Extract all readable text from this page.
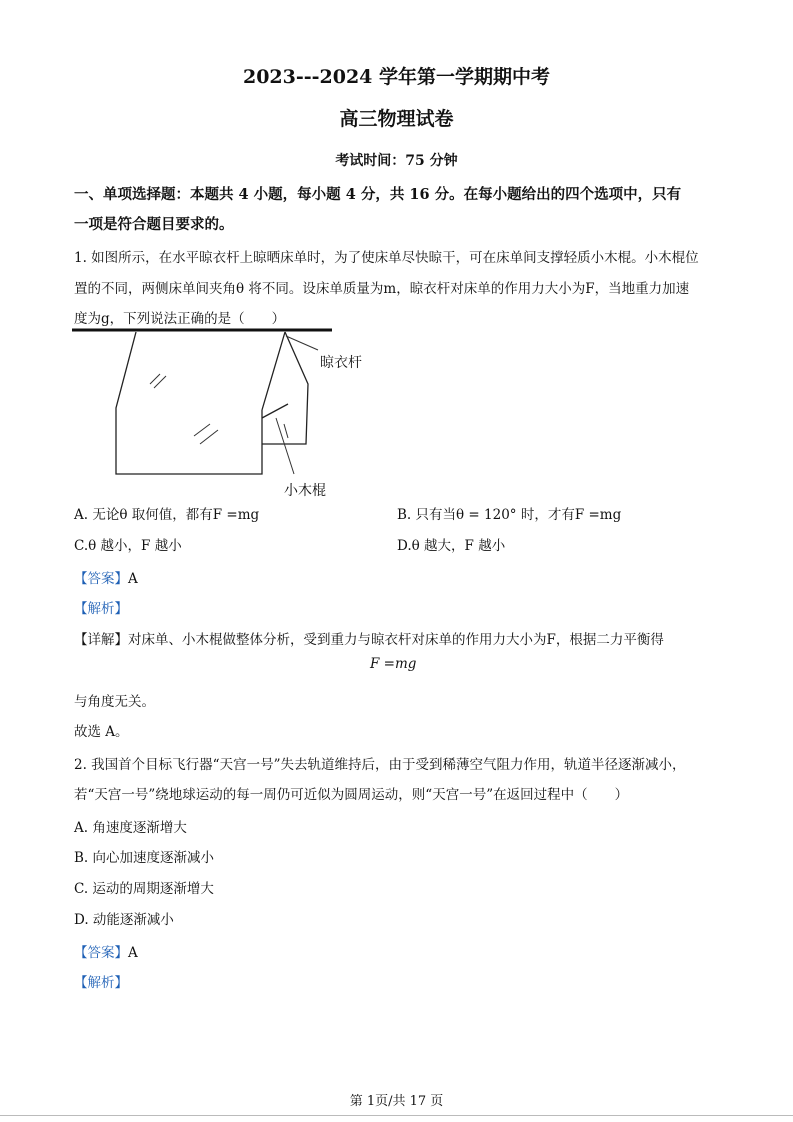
2023---2024 学年第一学期期中考
高三物理试卷
考试时间：75 分钟
一、单项选择题：本题共 4 小题，每小题 4 分，共 16 分。在每小题给出的四个选项中，只有
一项是符合题目要求的。
1. 如图所示，在水平晾衣杆上晾晒床单时，为了使床单尽快晾干，可在床单间支撑轻质小木棍。小木棍位
置的不同，两侧床单间夹角θ 将不同。设床单质量为m，晾衣杆对床单的作用力大小为F，当地重力加速
度为g，下列说法正确的是（　　）
晾衣杆
小木棍
A. 无论θ 取何值，都有F =mg	B. 只有当θ = 120° 时，才有F =mg
C.θ 越小，F 越小	D.θ 越大，F 越小
【答案】A
【解析】
【详解】对床单、小木棍做整体分析，受到重力与晾衣杆对床单的作用力大小为F，根据二力平衡得
F =mg
与角度无关。
故选 A。
2. 我国首个目标飞行器“天宫一号”失去轨道维持后，由于受到稀薄空气阻力作用，轨道半径逐渐减小，
若“天宫一号”绕地球运动的每一周仍可近似为圆周运动，则“天宫一号”在返回过程中（　　）
A. 角速度逐渐增大
B. 向心加速度逐渐减小
C. 运动的周期逐渐增大
D. 动能逐渐减小
【答案】A
【解析】
第 1页/共 17 页
